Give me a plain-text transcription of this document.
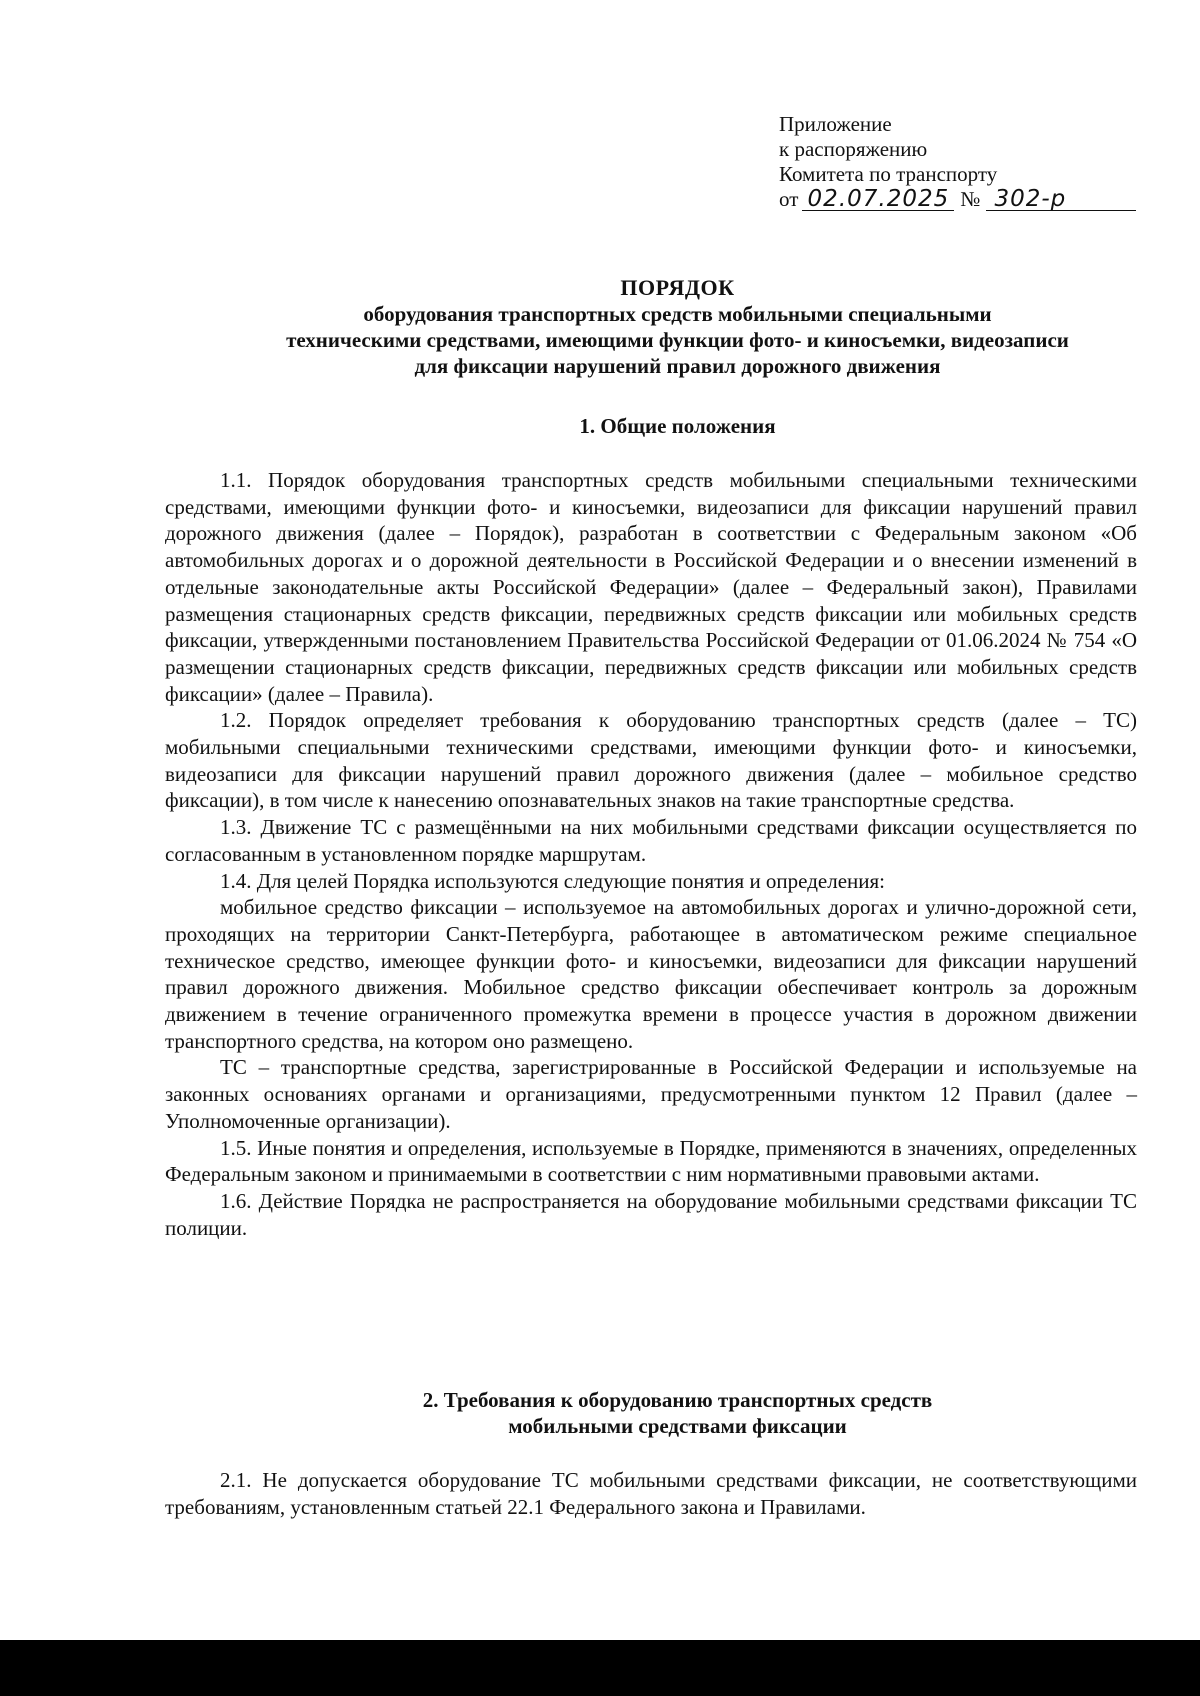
Приложение
к распоряжению
Комитета по транспорту
от 02.07.2025 № 302-р
ПОРЯДОК
оборудования транспортных средств мобильными специальными
техническими средствами, имеющими функции фото- и киносъемки, видеозаписи
для фиксации нарушений правил дорожного движения
1. Общие положения

1.1. Порядок оборудования транспортных средств мобильными специальными техническими средствами, имеющими функции фото- и киносъемки, видеозаписи для фиксации нарушений правил дорожного движения (далее – Порядок), разработан в соответствии с Федеральным законом «Об автомобильных дорогах и о дорожной деятельности в Российской Федерации и о внесении изменений в отдельные законодательные акты Российской Федерации» (далее – Федеральный закон), Правилами размещения стационарных средств фиксации, передвижных средств фиксации или мобильных средств фиксации, утвержденными постановлением Правительства Российской Федерации от 01.06.2024 № 754 «О размещении стационарных средств фиксации, передвижных средств фиксации или мобильных средств фиксации» (далее – Правила).

1.2. Порядок определяет требования к оборудованию транспортных средств (далее – ТС) мобильными специальными техническими средствами, имеющими функции фото- и киносъемки, видеозаписи для фиксации нарушений правил дорожного движения (далее – мобильное средство фиксации), в том числе к нанесению опознавательных знаков на такие транспортные средства.

1.3. Движение ТС с размещёнными на них мобильными средствами фиксации осуществляется по согласованным в установленном порядке маршрутам.

1.4. Для целей Порядка используются следующие понятия и определения:

мобильное средство фиксации – используемое на автомобильных дорогах и улично-дорожной сети, проходящих на территории Санкт-Петербурга, работающее в автоматическом режиме специальное техническое средство, имеющее функции фото- и киносъемки, видеозаписи для фиксации нарушений правил дорожного движения. Мобильное средство фиксации обеспечивает контроль за дорожным движением в течение ограниченного промежутка времени в процессе участия в дорожном движении транспортного средства, на котором оно размещено.

ТС – транспортные средства, зарегистрированные в Российской Федерации и используемые на законных основаниях органами и организациями, предусмотренными пунктом 12 Правил (далее – Уполномоченные организации).

1.5. Иные понятия и определения, используемые в Порядке, применяются в значениях, определенных Федеральным законом и принимаемыми в соответствии с ним нормативными правовыми актами.

1.6. Действие Порядка не распространяется на оборудование мобильными средствами фиксации ТС полиции.

2. Требования к оборудованию транспортных средств
мобильными средствами фиксации

2.1. Не допускается оборудование ТС мобильными средствами фиксации, не соответствующими требованиям, установленным статьей 22.1 Федерального закона и Правилами.
